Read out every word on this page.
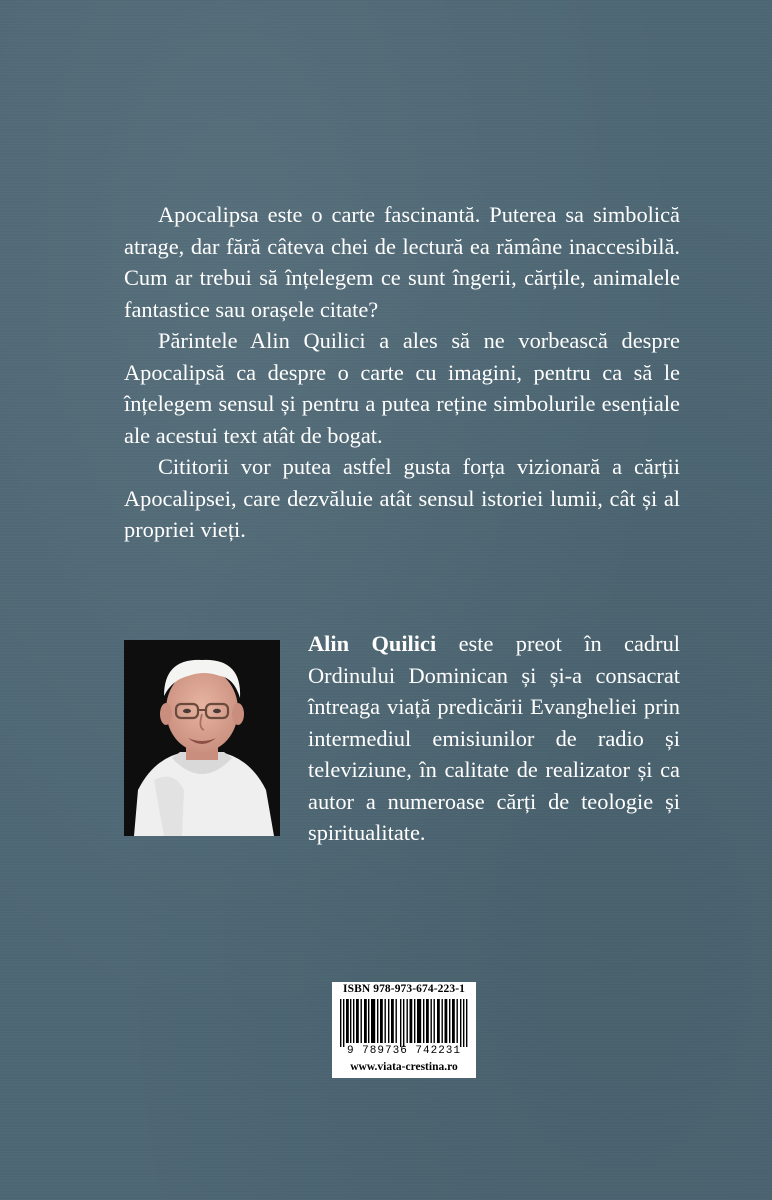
Apocalipsa este o carte fascinantă. Puterea sa simbolică atrage, dar fără câteva chei de lectură ea rămâne inaccesibilă. Cum ar trebui să înțelegem ce sunt îngerii, cărțile, animalele fantastice sau orașele citate?

Părintele Alin Quilici a ales să ne vorbească despre Apocalipsă ca despre o carte cu imagini, pentru ca să le înțelegem sensul și pentru a putea reține simbolurile esențiale ale acestui text atât de bogat.

Cititorii vor putea astfel gusta forța vizionară a cărții Apocalipsei, care dezvăluie atât sensul istoriei lumii, cât și al propriei vieți.

Alin Quilici este preot în cadrul Ordinului Dominican și și-a consacrat întreaga viață predicării Evangheliei prin intermediul emisiunilor de radio și televiziune, în calitate de realizator și ca autor a numeroase cărți de teologie și spiritualitate.

ISBN 978-973-674-223-1
9 789736 742231
www.viata-crestina.ro
